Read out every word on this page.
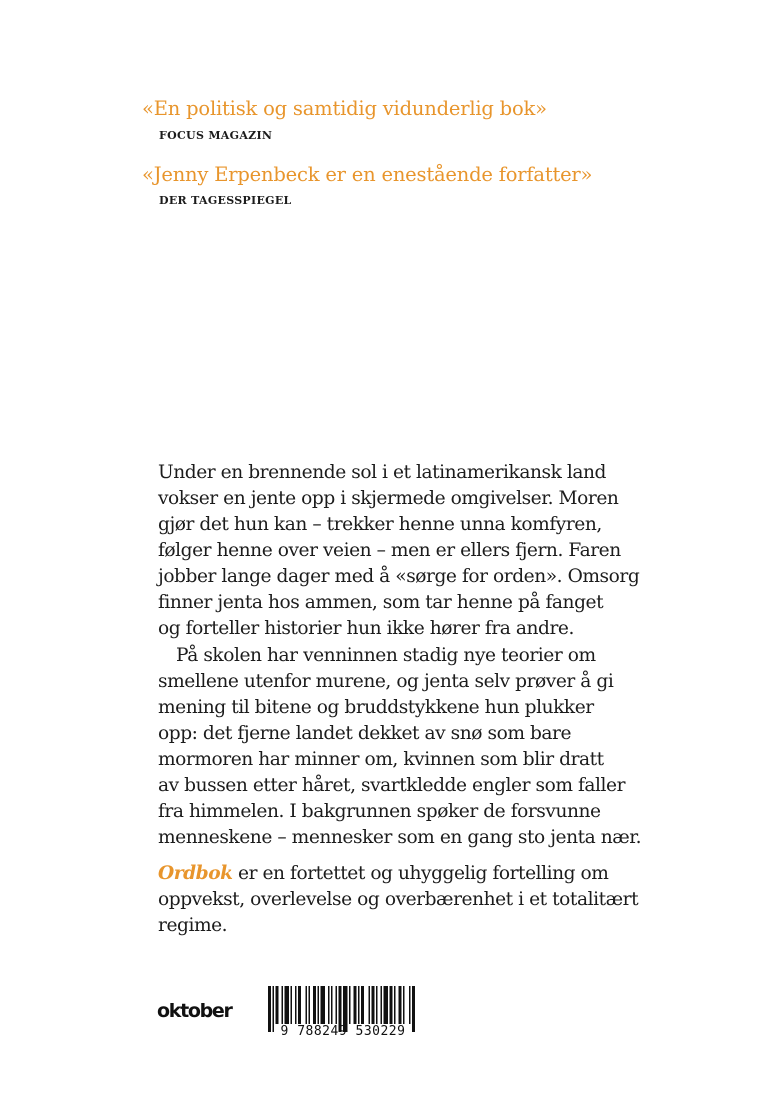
«En politisk og samtidig vidunderlig bok»
FOCUS MAGAZIN
«Jenny Erpenbeck er en enestående forfatter»
DER TAGESSPIEGEL
Under en brennende sol i et latinamerikansk land
vokser en jente opp i skjermede omgivelser. Moren
gjør det hun kan – trekker henne unna komfyren,
følger henne over veien – men er ellers fjern. Faren
jobber lange dager med å «sørge for orden». Omsorg
finner jenta hos ammen, som tar henne på fanget
og forteller historier hun ikke hører fra andre.
På skolen har venninnen stadig nye teorier om
smellene utenfor murene, og jenta selv prøver å gi
mening til bitene og bruddstykkene hun plukker
opp: det fjerne landet dekket av snø som bare
mormoren har minner om, kvinnen som blir dratt
av bussen etter håret, svartkledde engler som faller
fra himmelen. I bakgrunnen spøker de forsvunne
menneskene – mennesker som en gang sto jenta nær.
Ordbok er en fortettet og uhyggelig fortelling om
oppvekst, overlevelse og overbærenhet i et totalitært
regime.
oktober
9 788249 530229
